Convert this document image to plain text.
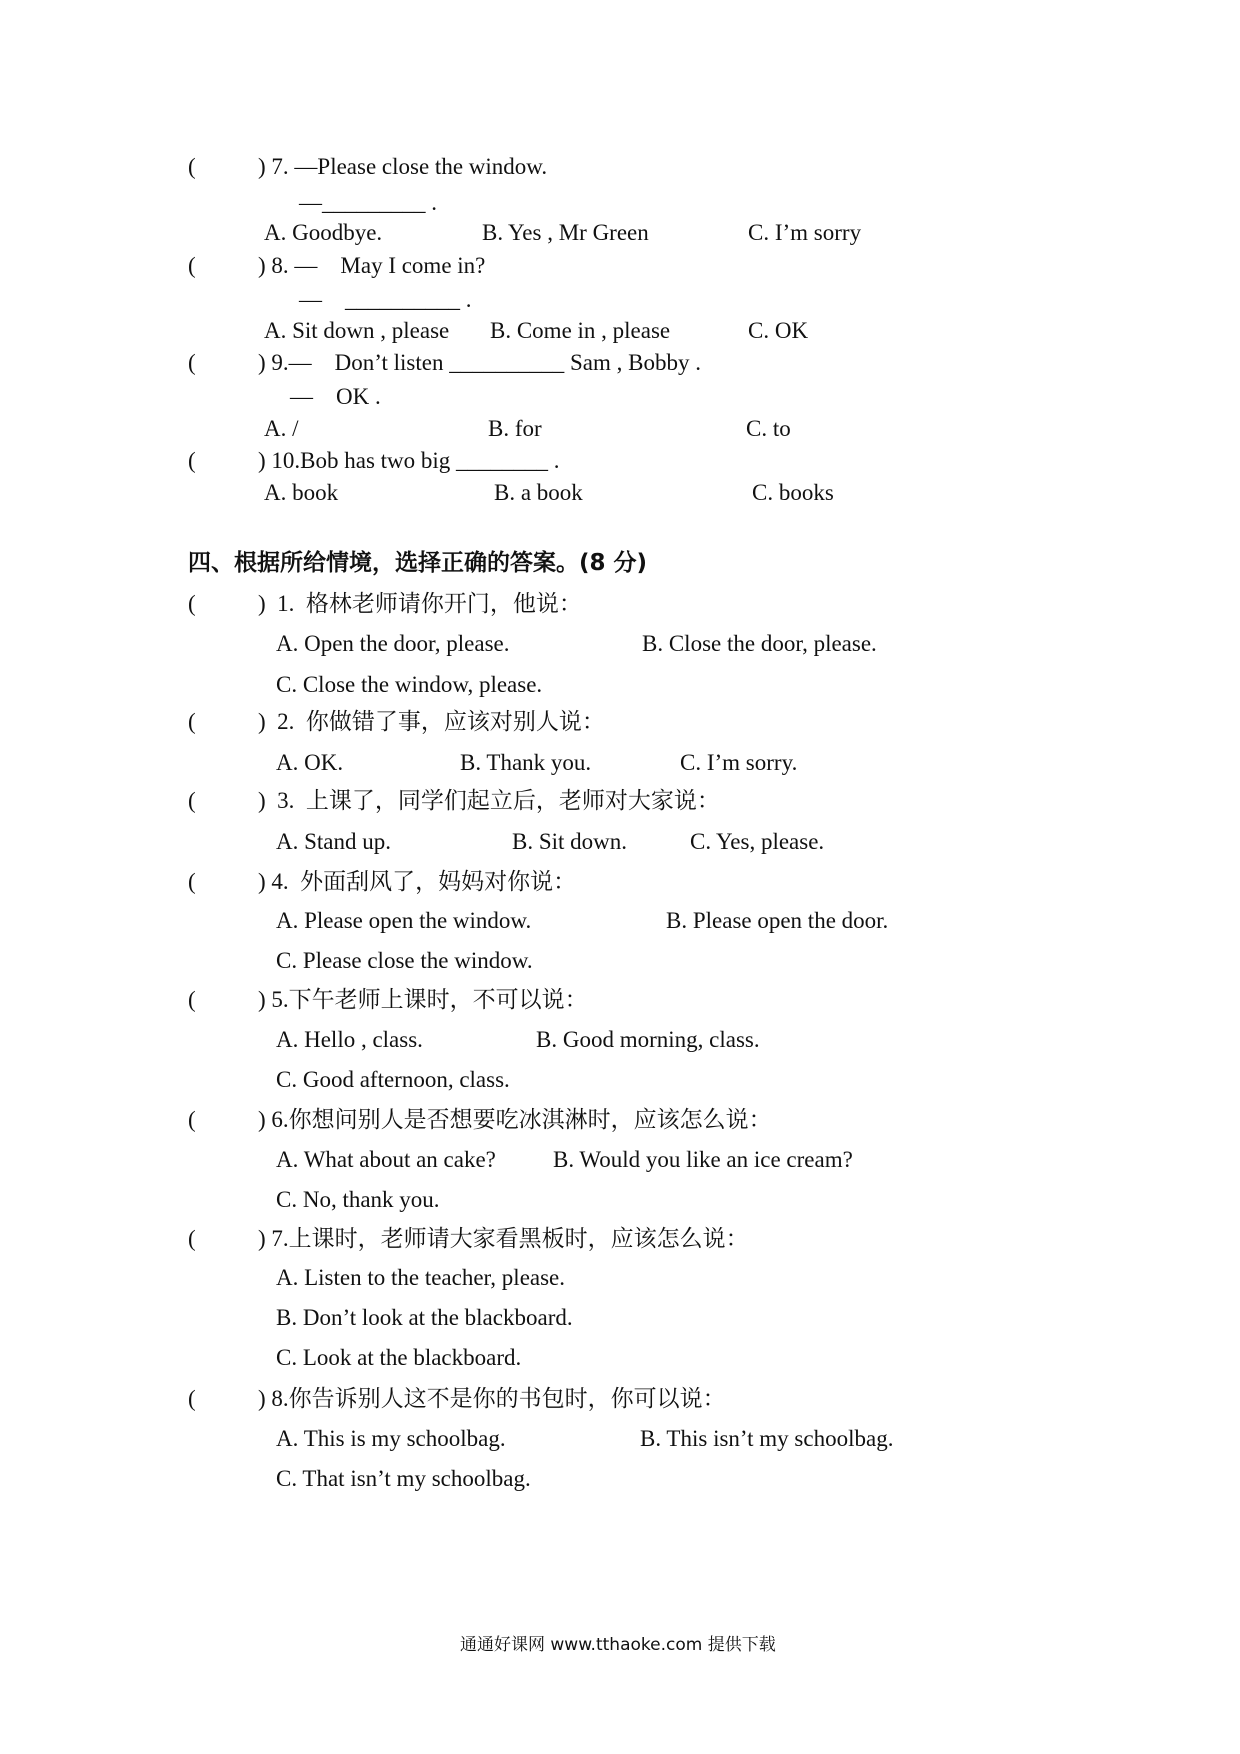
(	) 7. —Please close the window.
—_________ .
A. Goodbye.	B. Yes , Mr Green	C. I’m sorry
(	) 8. —    May I come in?
—    __________ .
A. Sit down , please B. Come in , please	C. OK
(	) 9.—    Don’t listen __________ Sam , Bobby .
—    OK .
A. /	B. for	C. to
(	) 10.Bob has two big ________ .
A. book	B. a book	C. books
四、根据所给情境，选择正确的答案。(8 分)
(	)  1.  格林老师请你开门，他说：
A. Open the door, please.	B. Close the door, please.
C. Close the window, please.
(	)  2.  你做错了事，应该对别人说：
A. OK.	B. Thank you.	C. I’m sorry.
(	)  3.  上课了，同学们起立后，老师对大家说：
A. Stand up.	B. Sit down.	C. Yes, please.
(	) 4.  外面刮风了，妈妈对你说：
A. Please open the window.	B. Please open the door.
C. Please close the window.
(	) 5.下午老师上课时，不可以说：
A. Hello , class.	B. Good morning, class.
C. Good afternoon, class.
(	) 6.你想问别人是否想要吃冰淇淋时，应该怎么说：
A. What about an cake? B. Would you like an ice cream?
C. No, thank you.
(	) 7.上课时，老师请大家看黑板时，应该怎么说：
A. Listen to the teacher, please.
B. Don’t look at the blackboard.
C. Look at the blackboard.
(	) 8.你告诉别人这不是你的书包时，你可以说：
A. This is my schoolbag.	B. This isn’t my schoolbag.
C. That isn’t my schoolbag.
通通好课网 www.tthaoke.com 提供下载
